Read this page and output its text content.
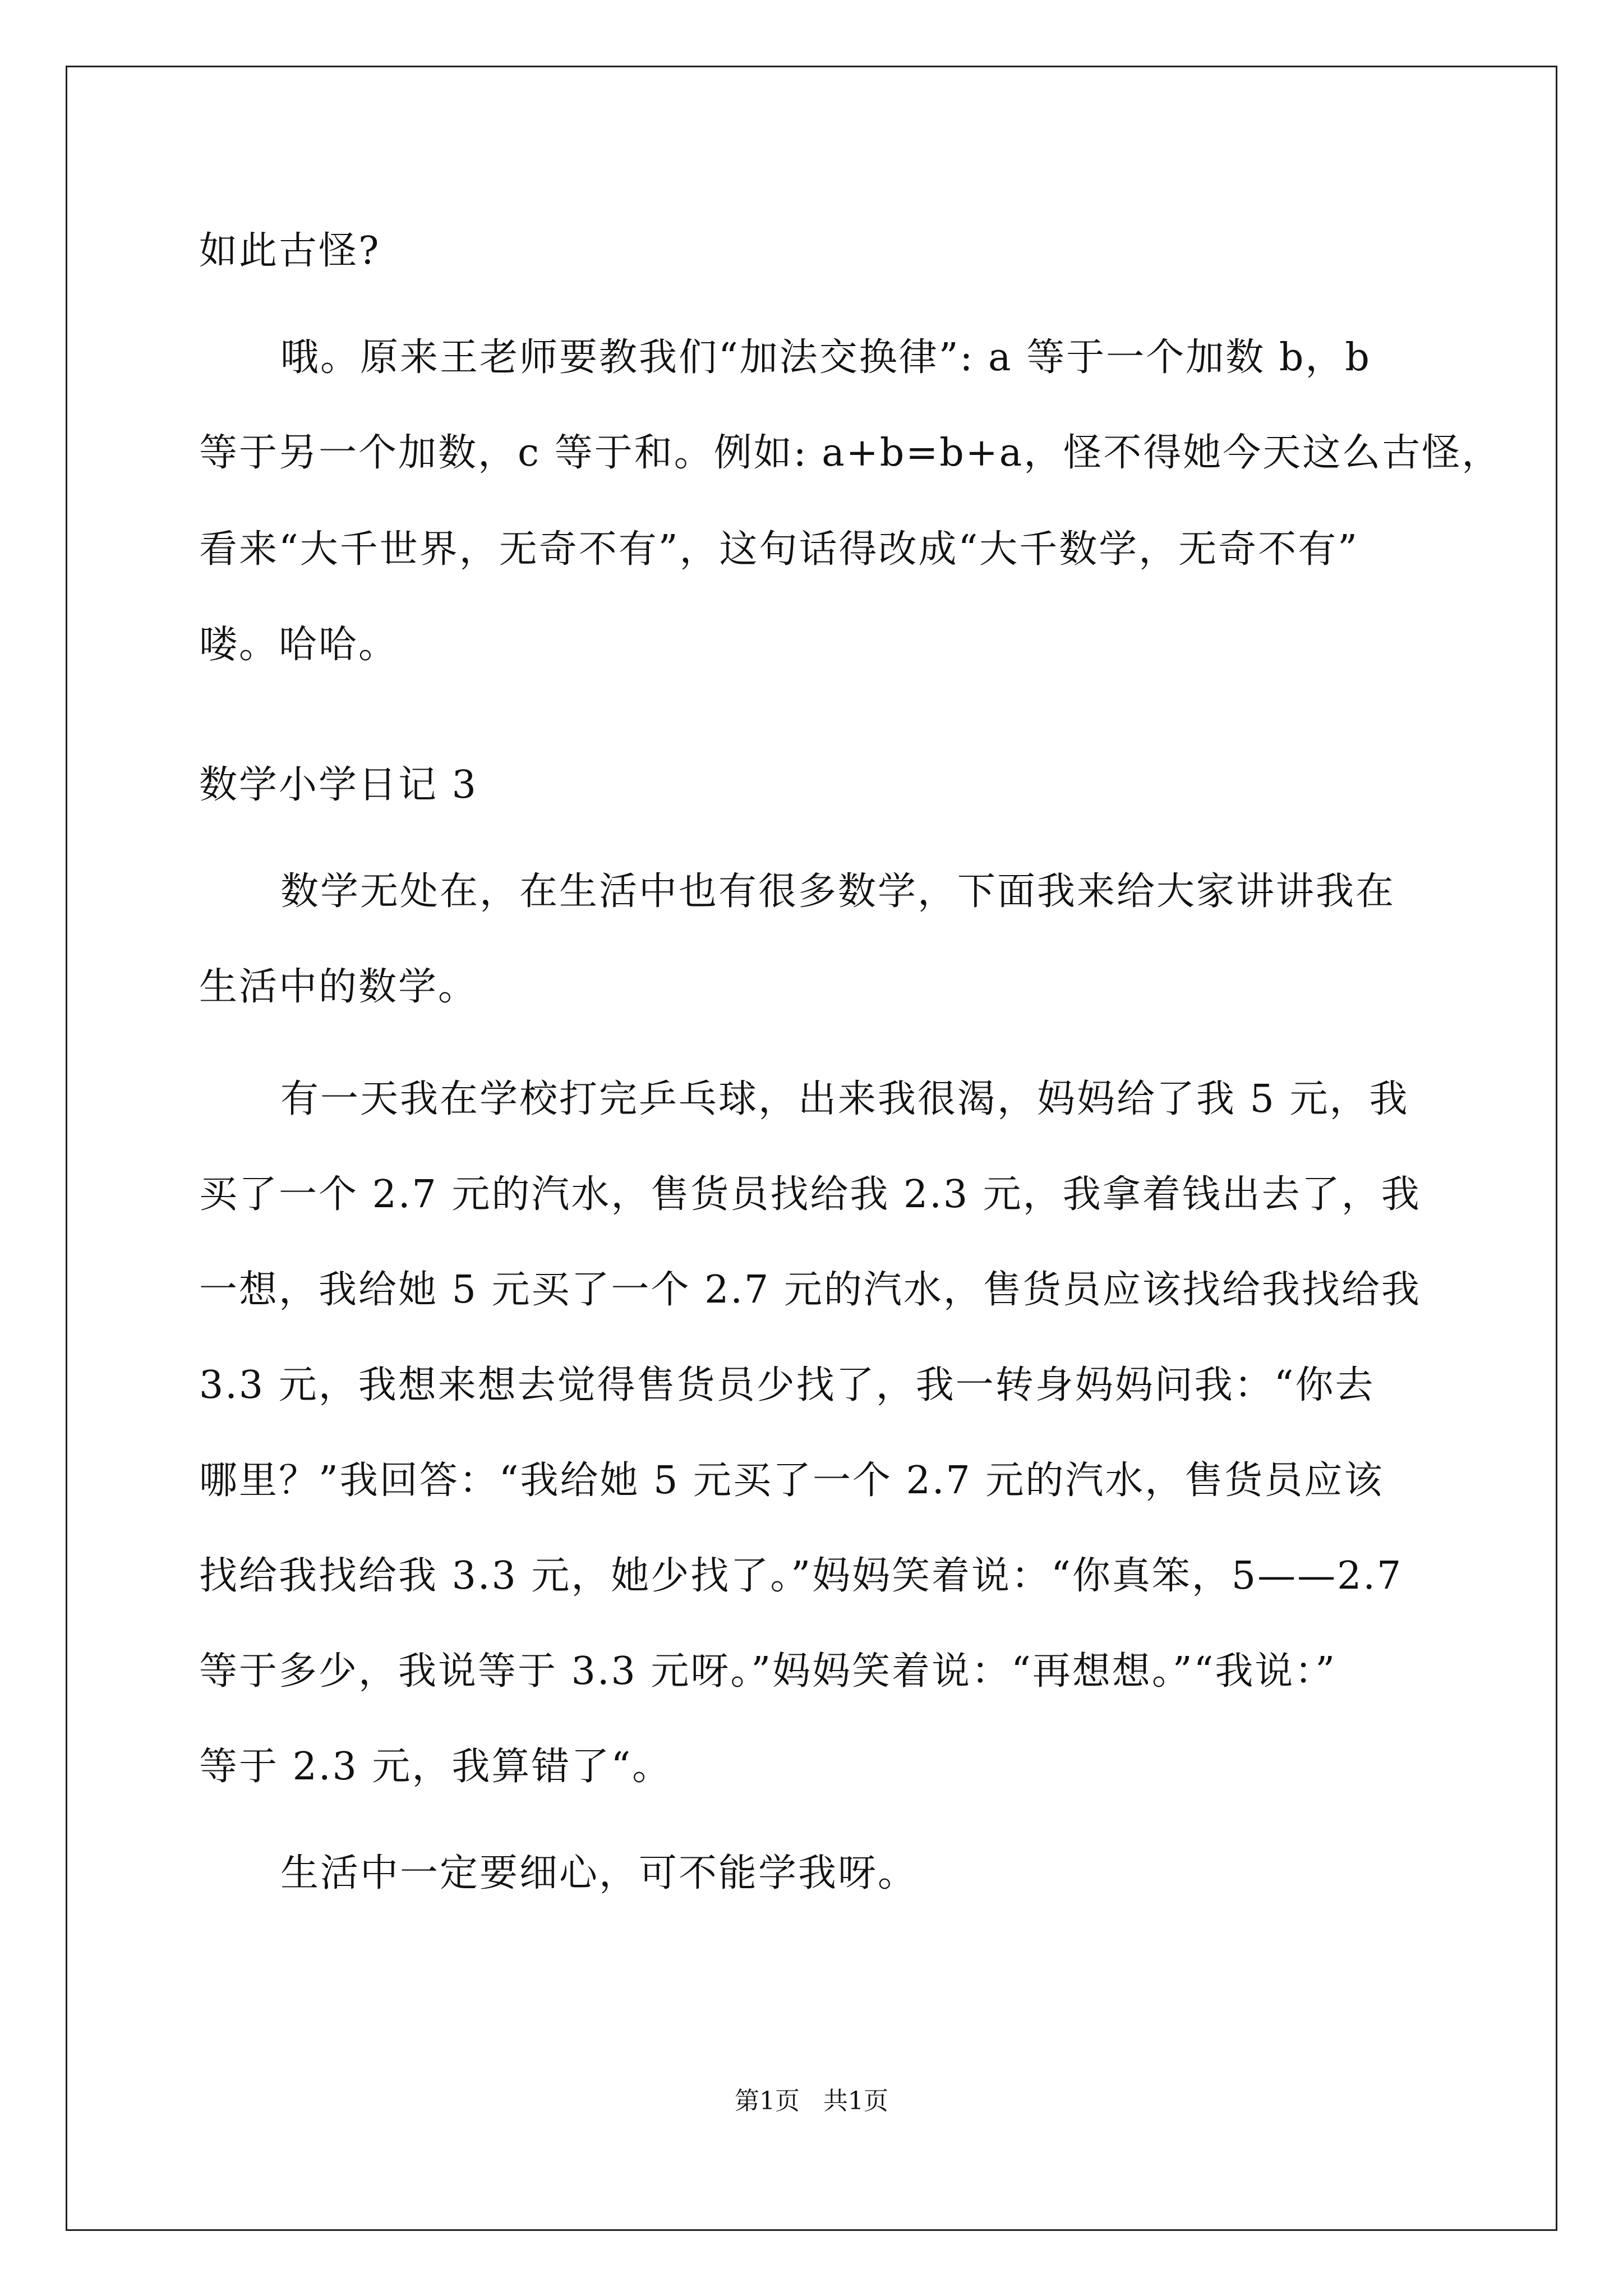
如此古怪?
哦。原来王老师要教我们“加法交换律”: a 等于一个加数 b，b
等于另一个加数，c 等于和。例如: a+b=b+a，怪不得她今天这么古怪，
看来“大千世界，无奇不有”，这句话得改成“大千数学，无奇不有”
喽。哈哈。
数学小学日记 3
数学无处在，在生活中也有很多数学，下面我来给大家讲讲我在
生活中的数学。
有一天我在学校打完乒乓球，出来我很渴，妈妈给了我 5 元，我
买了一个 2.7 元的汽水，售货员找给我 2.3 元，我拿着钱出去了，我
一想，我给她 5 元买了一个 2.7 元的汽水，售货员应该找给我找给我
3.3 元，我想来想去觉得售货员少找了，我一转身妈妈问我：“你去
哪里？”我回答：“我给她 5 元买了一个 2.7 元的汽水，售货员应该
找给我找给我 3.3 元，她少找了。”妈妈笑着说：“你真笨，5——2.7
等于多少，我说等于 3.3 元呀。”妈妈笑着说：“再想想。”“我说：”
等于 2.3 元，我算错了“。
生活中一定要细心，可不能学我呀。
第1页   共1页
